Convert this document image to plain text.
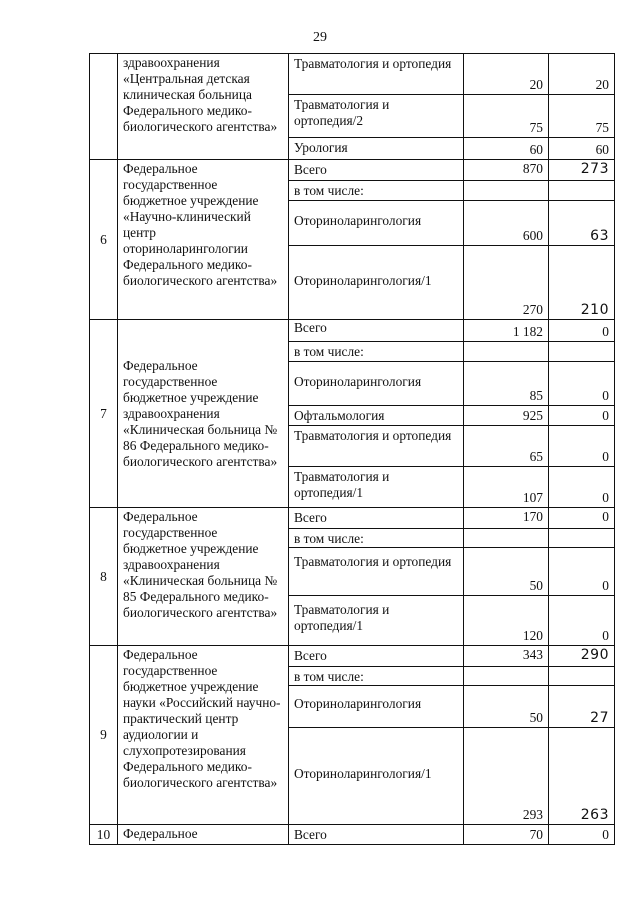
29
	здравоохранения «Центральная детская клиническая больница Федерального медико-биологического агентства»	Травматология и ортопедия	20	20
		Травматология и ортопедия/2	75	75
		Урология	60	60
6	Федеральное государственное бюджетное учреждение «Научно-клинический центр оториноларингологии Федерального медико-биологического агентства»	Всего	870	273
		в том числе:		
		Оториноларингология	600	63
		Оториноларингология/1	270	210
7	Федеральное государственное бюджетное учреждение здравоохранения «Клиническая больница № 86 Федерального медико-биологического агентства»	Всего	1 182	0
		в том числе:		
		Оториноларингология	85	0
		Офтальмология	925	0
		Травматология и ортопедия	65	0
		Травматология и ортопедия/1	107	0
8	Федеральное государственное бюджетное учреждение здравоохранения «Клиническая больница № 85 Федерального медико-биологического агентства»	Всего	170	0
		в том числе:		
		Травматология и ортопедия	50	0
		Травматология и ортопедия/1	120	0
9	Федеральное государственное бюджетное учреждение науки «Российский научно-практический центр аудиологии и слухопротезирования Федерального медико-биологического агентства»	Всего	343	290
		в том числе:		
		Оториноларингология	50	27
		Оториноларингология/1	293	263
10	Федеральное	Всего	70	0
